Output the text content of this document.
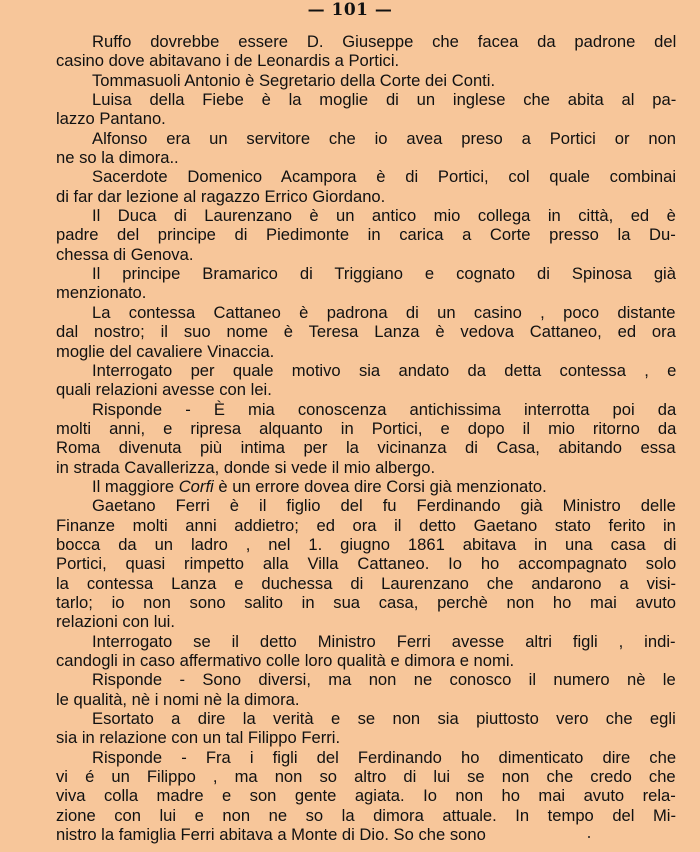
— 101 —
Ruffo dovrebbe essere D. Giuseppe che facea da padrone del
casino dove abitavano i de Leonardis a Portici.
Tommasuoli Antonio è Segretario della Corte dei Conti.
Luisa della Fiebe è la moglie di un inglese che abita al pa-
lazzo Pantano.
Alfonso era un servitore che io avea preso a Portici or non
ne so la dimora..
Sacerdote Domenico Acampora è di Portici, col quale combinai
di far dar lezione al ragazzo Errico Giordano.
Il Duca di Laurenzano è un antico mio collega in città, ed è
padre del principe di Piedimonte in carica a Corte presso la Du-
chessa di Genova.
Il principe Bramarico di Triggiano e cognato di Spinosa già
menzionato.
La contessa Cattaneo è padrona di un casino , poco distante
dal nostro; il suo nome è Teresa Lanza è vedova Cattaneo, ed ora
moglie del cavaliere Vinaccia.
Interrogato per quale motivo sia andato da detta contessa , e
quali relazioni avesse con lei.
Risponde - È mia conoscenza antichissima interrotta poi da
molti anni, e ripresa alquanto in Portici, e dopo il mio ritorno da
Roma divenuta più intima per la vicinanza di Casa, abitando essa
in strada Cavallerizza, donde si vede il mio albergo.
Il maggiore Corfi è un errore dovea dire Corsi già menzionato.
Gaetano Ferri è il figlio del fu Ferdinando già Ministro delle
Finanze molti anni addietro; ed ora il detto Gaetano stato ferito in
bocca da un ladro , nel 1. giugno 1861 abitava in una casa di
Portici, quasi rimpetto alla Villa Cattaneo. Io ho accompagnato solo
la contessa Lanza e duchessa di Laurenzano che andarono a visi-
tarlo; io non sono salito in sua casa, perchè non ho mai avuto
relazioni con lui.
Interrogato se il detto Ministro Ferri avesse altri figli , indi-
candogli in caso affermativo colle loro qualità e dimora e nomi.
Risponde - Sono diversi, ma non ne conosco il numero nè le
le qualità, nè i nomi nè la dimora.
Esortato a dire la verità e se non sia piuttosto vero che egli
sia in relazione con un tal Filippo Ferri.
Risponde - Fra i figli del Ferdinando ho dimenticato dire che
vi é un Filippo , ma non so altro di lui se non che credo che
viva colla madre e son gente agiata. Io non ho mai avuto rela-
zione con lui e non ne so la dimora attuale. In tempo del Mi-
nistro la famiglia Ferri abitava a Monte di Dio. So che sono
